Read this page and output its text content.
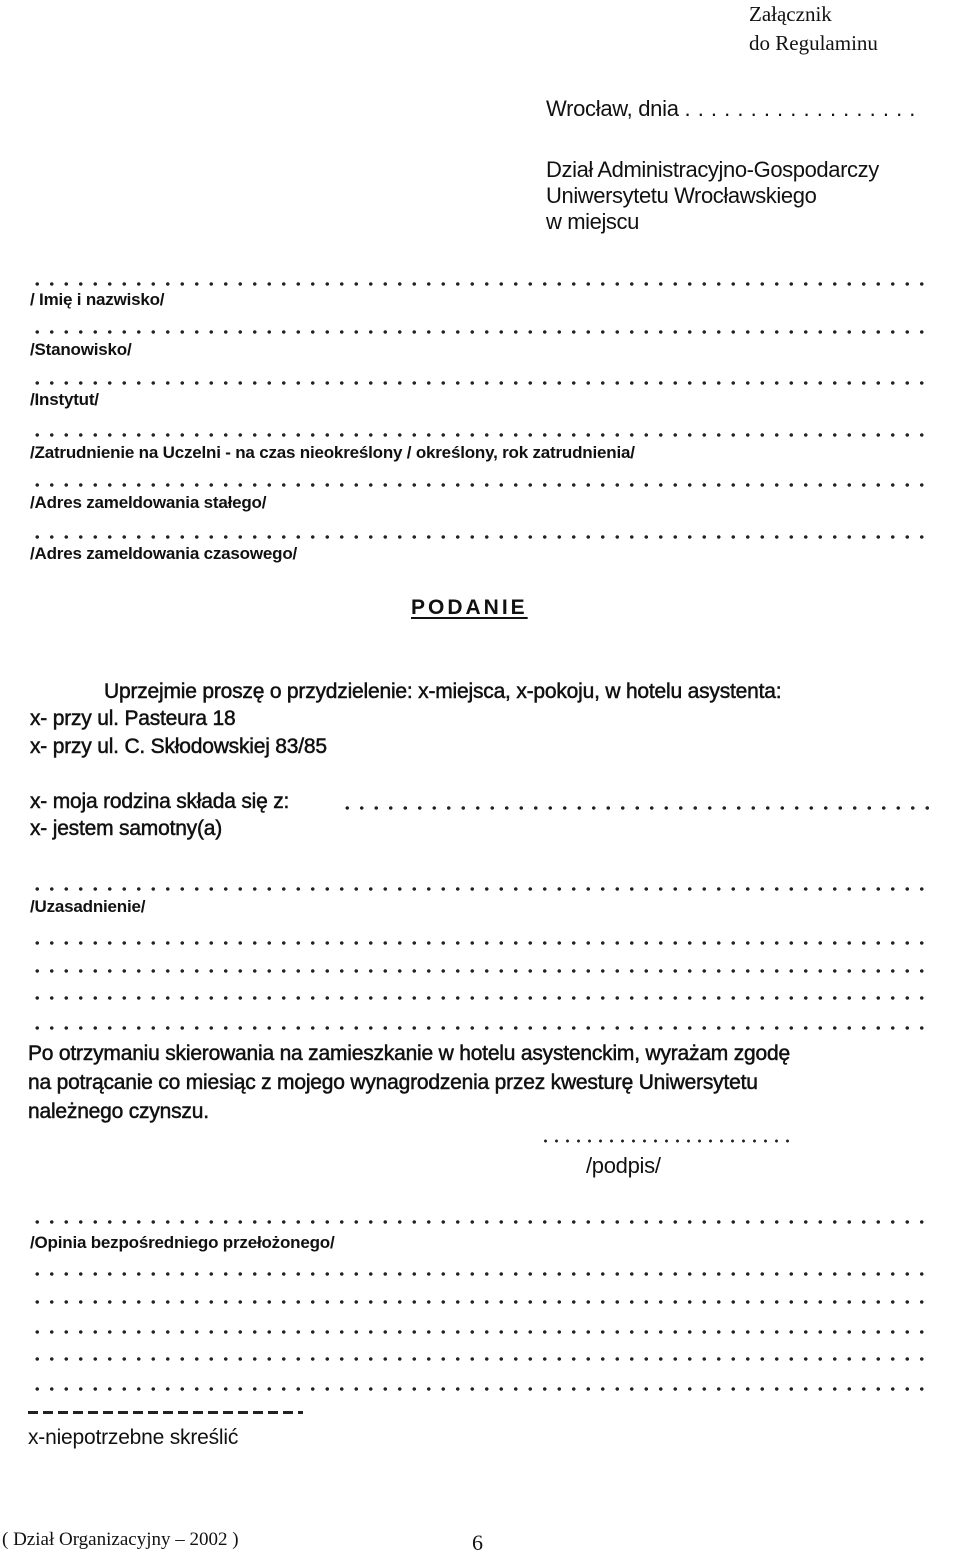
Załącznik
do Regulaminu
Wrocław, dnia . . . . . . . . . . . . . . . . . .
Dział Administracyjno-Gospodarczy
Uniwersytetu Wrocławskiego
w miejscu
/ Imię i nazwisko/
/Stanowisko/
/Instytut/
/Zatrudnienie na Uczelni - na czas nieokreślony / określony, rok zatrudnienia/
/Adres zameldowania stałego/
/Adres zameldowania czasowego/
PODANIE
Uprzejmie proszę o przydzielenie: x-miejsca, x-pokoju, w hotelu asystenta:
x- przy ul. Pasteura 18
x- przy ul. C. Skłodowskiej 83/85
x- moja rodzina składa się z:
x- jestem samotny(a)
/Uzasadnienie/
Po otrzymaniu skierowania na zamieszkanie w hotelu asystenckim, wyrażam zgodę
na potrącanie co miesiąc z mojego wynagrodzenia przez kwesturę Uniwersytetu
należnego czynszu.
/podpis/
/Opinia bezpośredniego przełożonego/
x-niepotrzebne skreślić
( Dział Organizacyjny – 2002 )	6
